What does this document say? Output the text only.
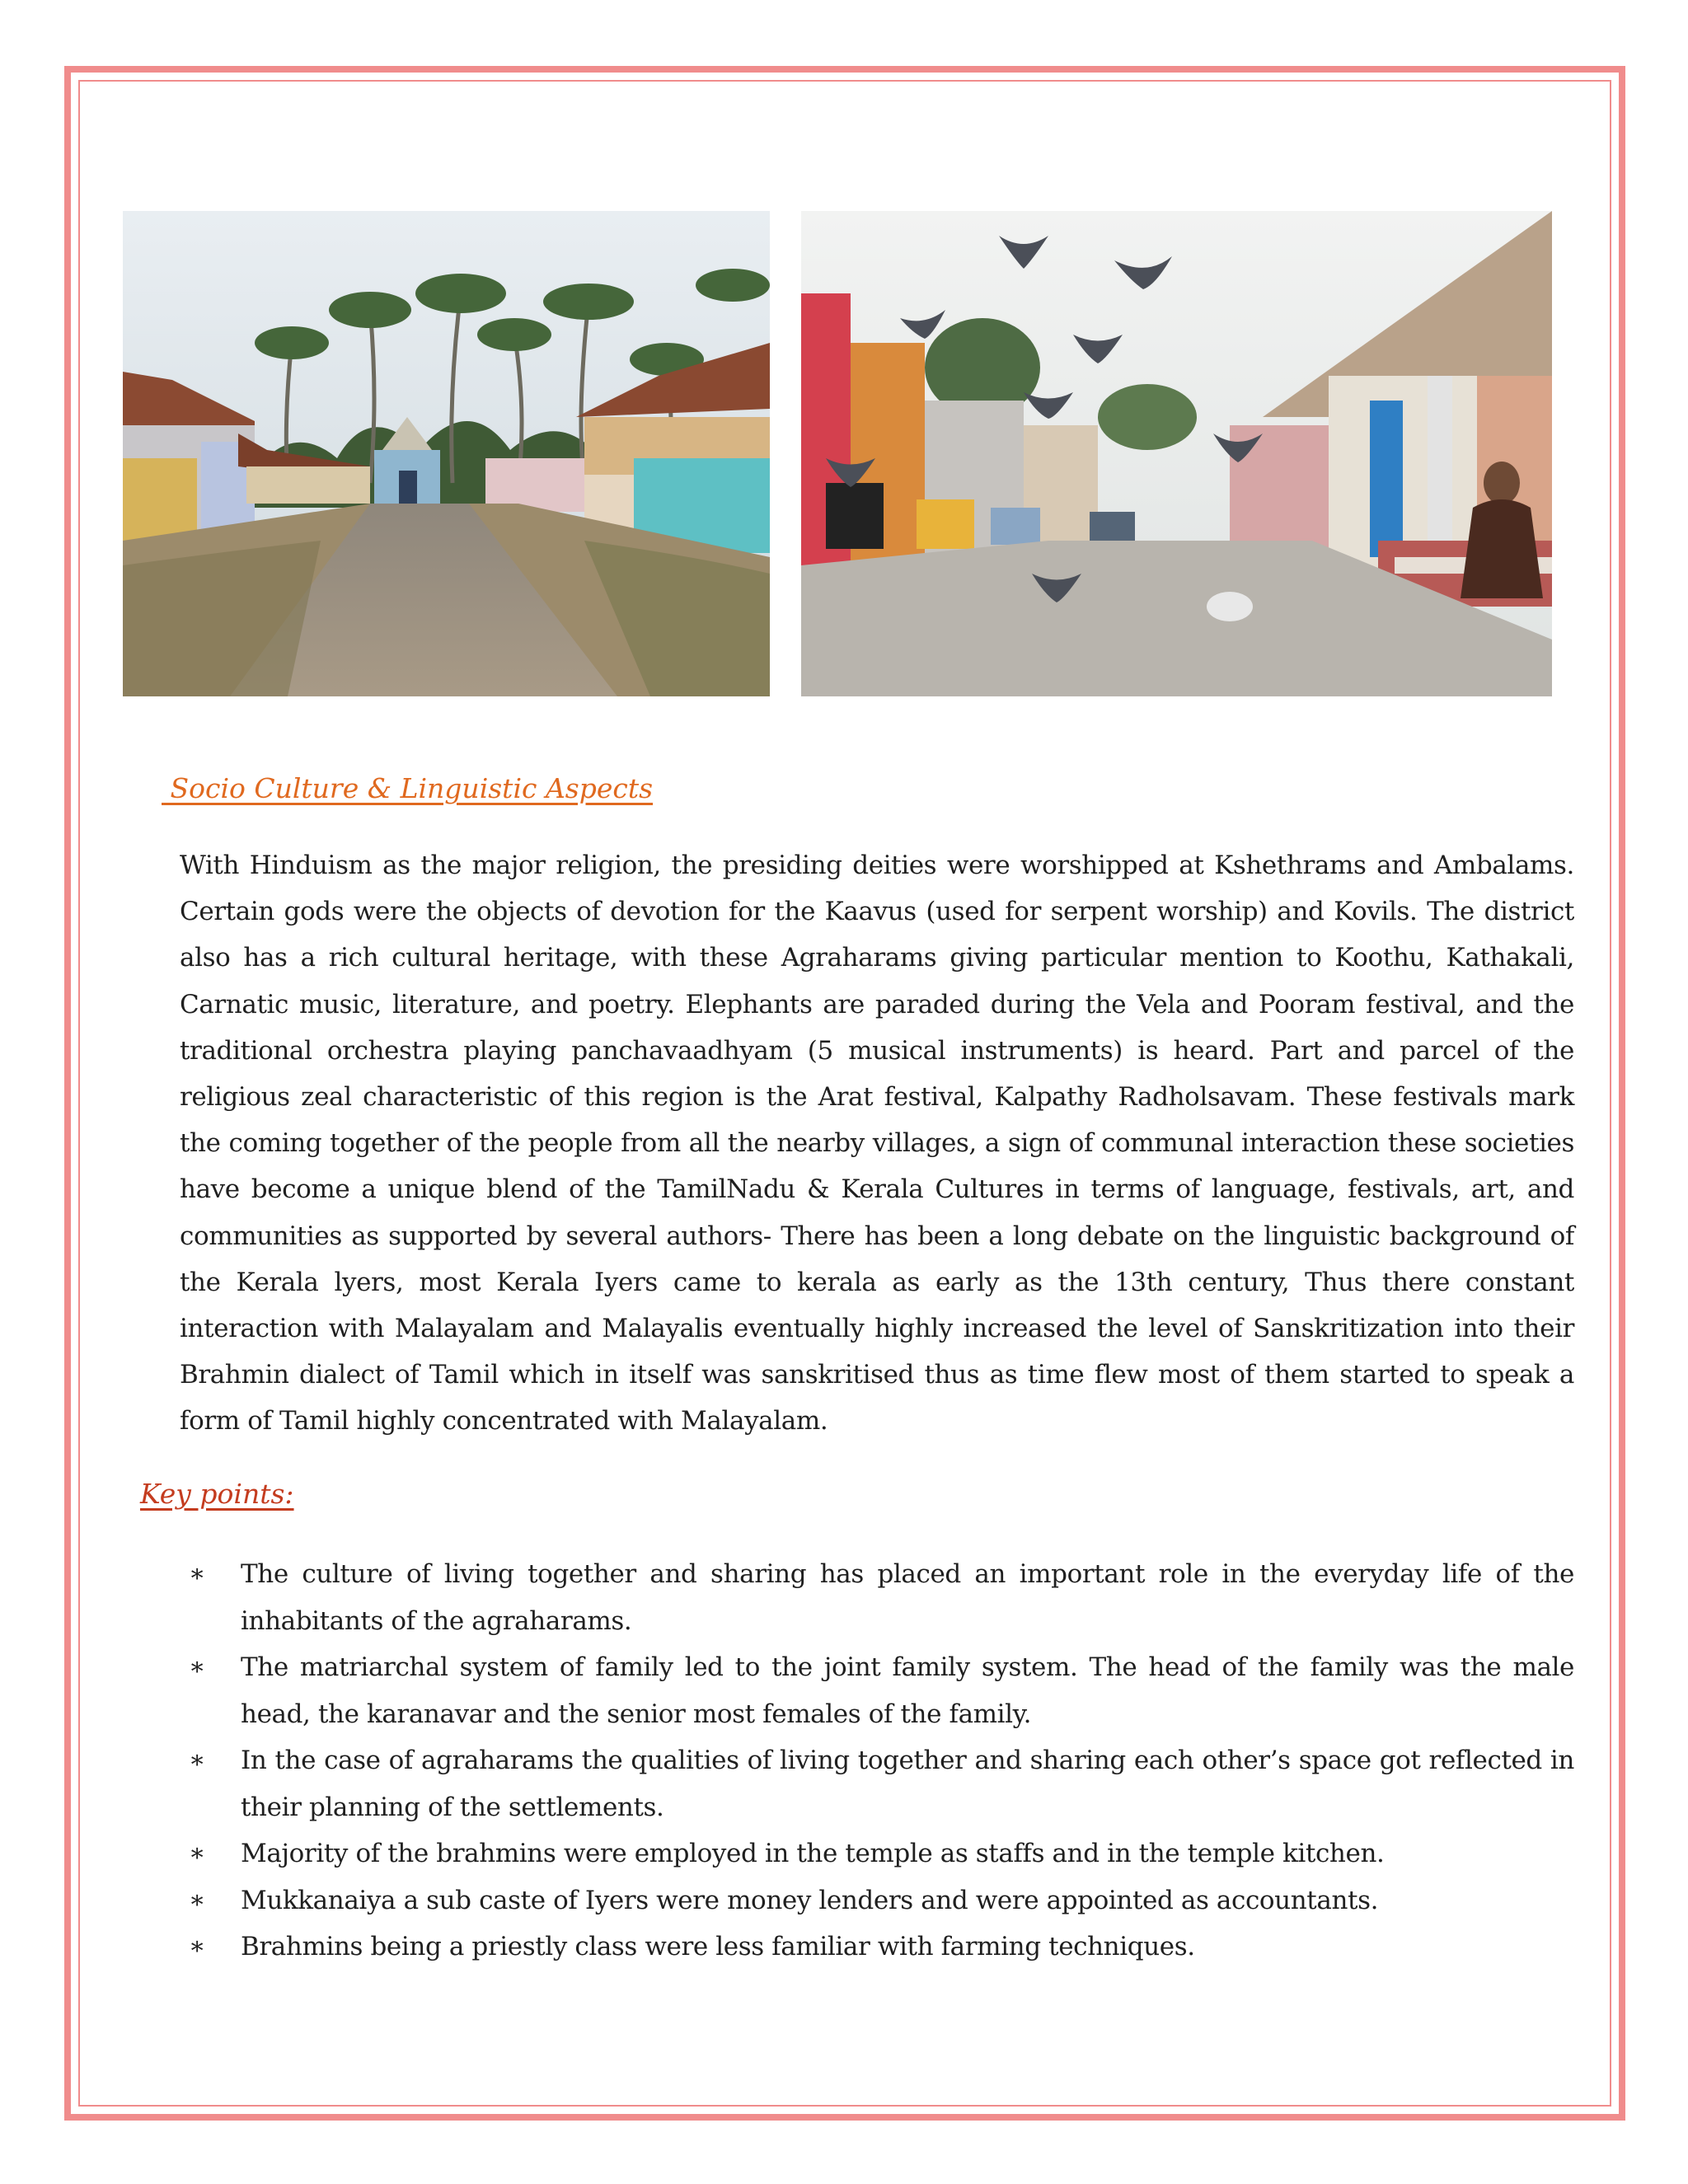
Socio Culture & Linguistic Aspects

With Hinduism as the major religion, the presiding deities were worshipped at Kshethrams and Ambalams. Certain gods were the objects of devotion for the Kaavus (used for serpent worship) and Kovils. The district also has a rich cultural heritage, with these Agraharams giving particular mention to Koothu, Kathakali, Carnatic music, literature, and poetry. Elephants are paraded during the Vela and Pooram festival, and the traditional orchestra playing panchavaadhyam (5 musical instruments) is heard. Part and parcel of the religious zeal characteristic of this region is the Arat festival, Kalpathy Radholsavam. These festivals mark the coming together of the people from all the nearby villages, a sign of communal interaction these societies have become a unique blend of the TamilNadu & Kerala Cultures in terms of language, festivals, art, and communities as supported by several authors- There has been a long debate on the linguistic background of the Kerala lyers, most Kerala Iyers came to kerala as early as the 13th century, Thus there constant interaction with Malayalam and Malayalis eventually highly increased the level of Sanskritization into their Brahmin dialect of Tamil which in itself was sanskritised thus as time flew most of them started to speak a form of Tamil highly concentrated with Malayalam.

Key points:
∗ The culture of living together and sharing has placed an important role in the everyday life of the inhabitants of the agraharams.
∗ The matriarchal system of family led to the joint family system. The head of the family was the male head, the karanavar and the senior most females of the family.
∗ In the case of agraharams the qualities of living together and sharing each other’s space got reflected in their planning of the settlements.
∗ Majority of the brahmins were employed in the temple as staffs and in the temple kitchen.
∗ Mukkanaiya a sub caste of Iyers were money lenders and were appointed as accountants.
∗ Brahmins being a priestly class were less familiar with farming techniques.
